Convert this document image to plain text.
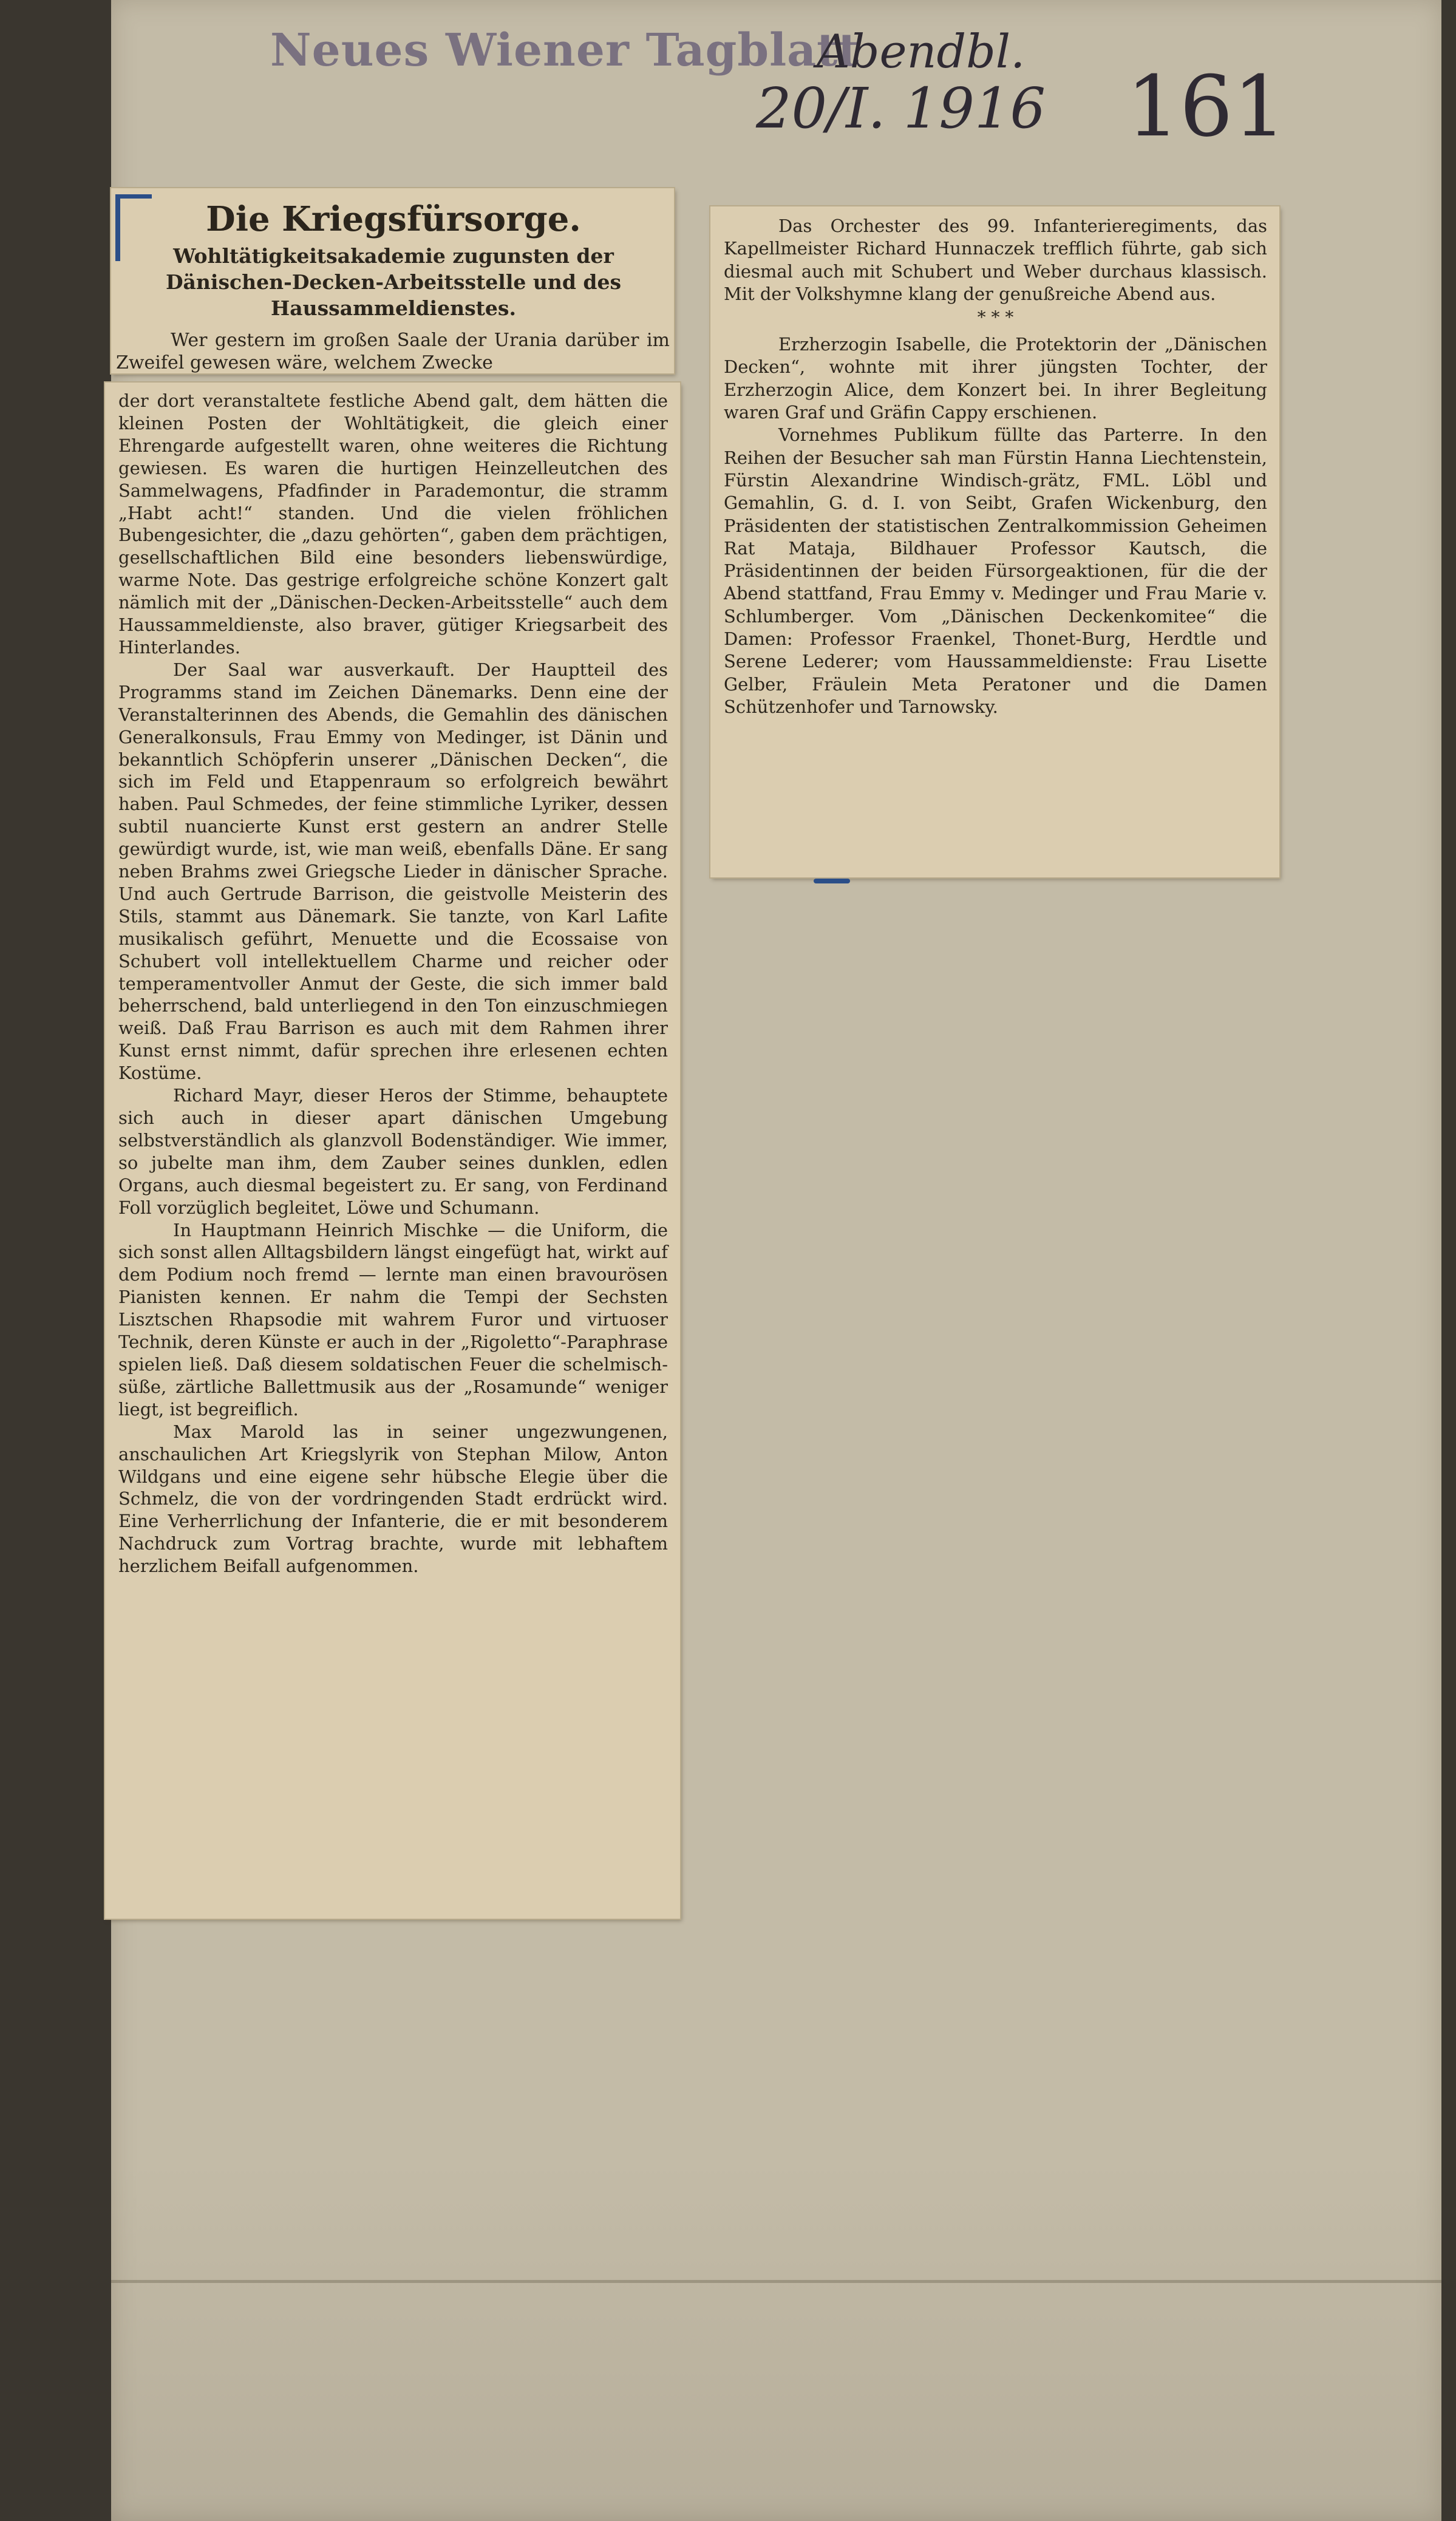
Neues Wiener Tagblatt
Abendbl.
20/I. 1916 161
Die Kriegsfürsorge.
Wohltätigkeitsakademie zugunsten der Dänischen-Decken-Arbeitsstelle und des Haussammeldienstes.

Wer gestern im großen Saale der Urania darüber im Zweifel gewesen wäre, welchem Zwecke

der dort veranstaltete festliche Abend galt, dem hätten die kleinen Posten der Wohltätigkeit, die gleich einer Ehrengarde aufgestellt waren, ohne weiteres die Richtung gewiesen. Es waren die hurtigen Heinzelleutchen des Sammelwagens, Pfadfinder in Parademontur, die stramm „Habt acht!“ standen. Und die vielen fröhlichen Bubengesichter, die „dazu gehörten“, gaben dem prächtigen, gesellschaftlichen Bild eine besonders liebenswürdige, warme Note. Das gestrige erfolgreiche schöne Konzert galt nämlich mit der „Dänischen-Decken-Arbeitsstelle“ auch dem Haussammeldienste, also braver, gütiger Kriegsarbeit des Hinterlandes.

Der Saal war ausverkauft. Der Hauptteil des Programms stand im Zeichen Dänemarks. Denn eine der Veranstalterinnen des Abends, die Gemahlin des dänischen Generalkonsuls, Frau Emmy von Medinger, ist Dänin und bekanntlich Schöpferin unserer „Dänischen Decken“, die sich im Feld und Etappenraum so erfolgreich bewährt haben. Paul Schmedes, der feine stimmliche Lyriker, dessen subtil nuancierte Kunst erst gestern an andrer Stelle gewürdigt wurde, ist, wie man weiß, ebenfalls Däne. Er sang neben Brahms zwei Griegsche Lieder in dänischer Sprache. Und auch Gertrude Barrison, die geistvolle Meisterin des Stils, stammt aus Dänemark. Sie tanzte, von Karl Lafite musikalisch geführt, Menuette und die Ecossaise von Schubert voll intellektuellem Charme und reicher oder temperamentvoller Anmut der Geste, die sich immer bald beherrschend, bald unterliegend in den Ton einzuschmiegen weiß. Daß Frau Barrison es auch mit dem Rahmen ihrer Kunst ernst nimmt, dafür sprechen ihre erlesenen echten Kostüme.

Richard Mayr, dieser Heros der Stimme, behauptete sich auch in dieser apart dänischen Umgebung selbstverständlich als glanzvoll Bodenständiger. Wie immer, so jubelte man ihm, dem Zauber seines dunklen, edlen Organs, auch diesmal begeistert zu. Er sang, von Ferdinand Foll vorzüglich begleitet, Löwe und Schumann.

In Hauptmann Heinrich Mischke — die Uniform, die sich sonst allen Alltagsbildern längst eingefügt hat, wirkt auf dem Podium noch fremd — lernte man einen bravourösen Pianisten kennen. Er nahm die Tempi der Sechsten Lisztschen Rhapsodie mit wahrem Furor und virtuoser Technik, deren Künste er auch in der „Rigoletto“-Paraphrase spielen ließ. Daß diesem soldatischen Feuer die schelmisch-süße, zärtliche Ballettmusik aus der „Rosamunde“ weniger liegt, ist begreiflich.

Max Marold las in seiner ungezwungenen, anschaulichen Art Kriegslyrik von Stephan Milow, Anton Wildgans und eine eigene sehr hübsche Elegie über die Schmelz, die von der vordringenden Stadt erdrückt wird. Eine Verherrlichung der Infanterie, die er mit besonderem Nachdruck zum Vortrag brachte, wurde mit lebhaftem herzlichem Beifall aufgenommen.

Das Orchester des 99. Infanterieregiments, das Kapellmeister Richard Hunnaczek trefflich führte, gab sich diesmal auch mit Schubert und Weber durchaus klassisch. Mit der Volkshymne klang der genußreiche Abend aus.

* * *

Erzherzogin Isabelle, die Protektorin der „Dänischen Decken“, wohnte mit ihrer jüngsten Tochter, der Erzherzogin Alice, dem Konzert bei. In ihrer Begleitung waren Graf und Gräfin Cappy erschienen.

Vornehmes Publikum füllte das Parterre. In den Reihen der Besucher sah man Fürstin Hanna Liechtenstein, Fürstin Alexandrine Windisch-grätz, FML. Löbl und Gemahlin, G. d. I. von Seibt, Grafen Wickenburg, den Präsidenten der statistischen Zentralkommission Geheimen Rat Mataja, Bildhauer Professor Kautsch, die Präsidentinnen der beiden Fürsorgeaktionen, für die der Abend stattfand, Frau Emmy v. Medinger und Frau Marie v. Schlumberger. Vom „Dänischen Deckenkomitee“ die Damen: Professor Fraenkel, Thonet-Burg, Herdtle und Serene Lederer; vom Haussammeldienste: Frau Lisette Gelber, Fräulein Meta Peratoner und die Damen Schützenhofer und Tarnowsky.
